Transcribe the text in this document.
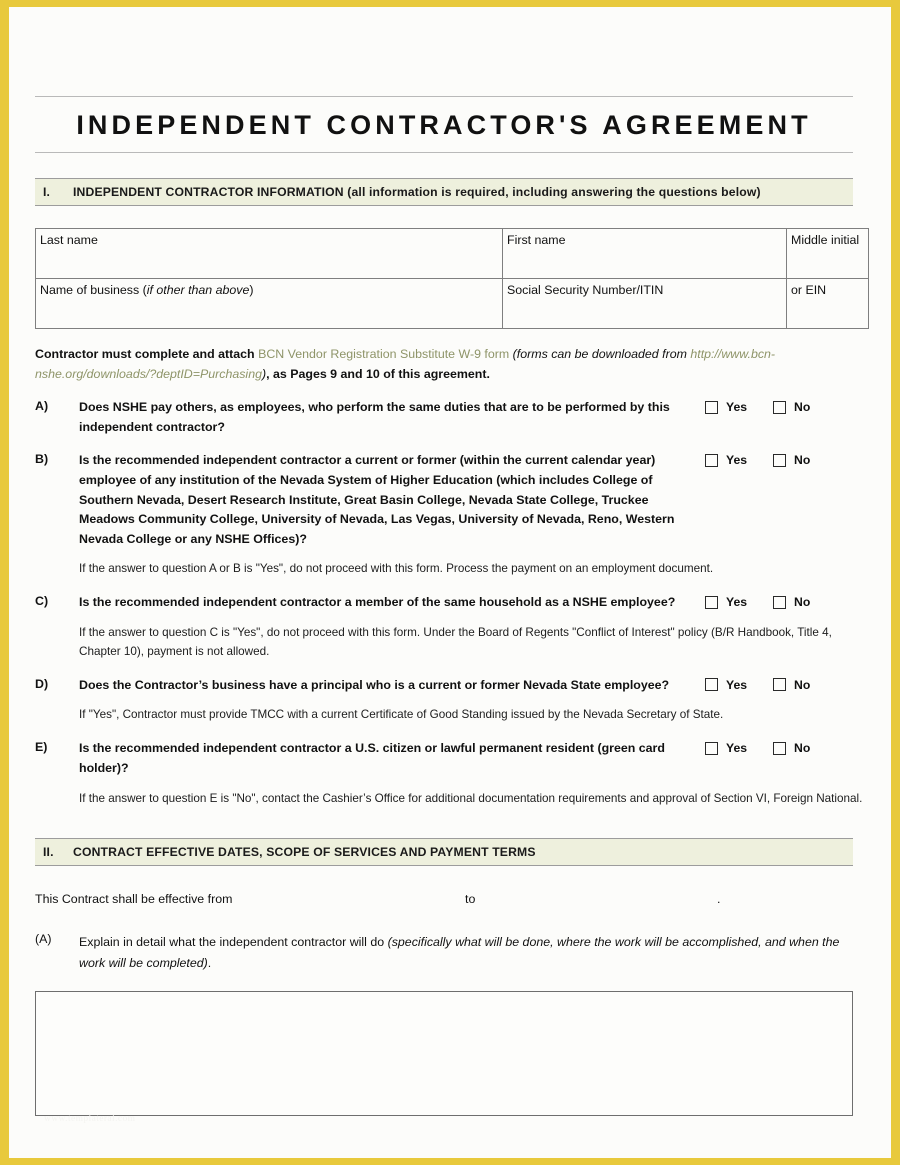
INDEPENDENT CONTRACTOR'S AGREEMENT
I.	INDEPENDENT CONTRACTOR INFORMATION (all information is required, including answering the questions below)
Last name	First name	Middle initial

Name of business (if other than above)	Social Security Number/ITIN	or EIN
Contractor must complete and attach BCN Vendor Registration Substitute W-9 form (forms can be downloaded from http://www.bcn-nshe.org/downloads/?deptID=Purchasing), as Pages 9 and 10 of this agreement.
A)	Does NSHE pay others, as employees, who perform the same duties that are to be performed by this independent contractor?
Yes	No
B)	Is the recommended independent contractor a current or former (within the current calendar year) employee of any institution of the Nevada System of Higher Education (which includes College of Southern Nevada, Desert Research Institute, Great Basin College, Nevada State College, Truckee Meadows Community College, University of Nevada, Las Vegas, University of Nevada, Reno, Western Nevada College or any NSHE Offices)?
Yes	No
If the answer to question A or B is "Yes", do not proceed with this form. Process the payment on an employment document.
C)	Is the recommended independent contractor a member of the same household as a NSHE employee?	Yes	No
If the answer to question C is "Yes", do not proceed with this form. Under the Board of Regents "Conflict of Interest" policy (B/R Handbook, Title 4, Chapter 10), payment is not allowed.
D)	Does the Contractor’s business have a principal who is a current or former Nevada State employee?	Yes	No
If "Yes", Contractor must provide TMCC with a current Certificate of Good Standing issued by the Nevada Secretary of State.
E)	Is the recommended independent contractor a U.S. citizen or lawful permanent resident (green card holder)?
Yes	No
If the answer to question E is "No", contact the Cashier’s Office for additional documentation requirements and approval of Section VI, Foreign National.
II.	CONTRACT EFFECTIVE DATES, SCOPE OF SERVICES AND PAYMENT TERMS
This Contract shall be effective from	to	.
(A)	Explain in detail what the independent contractor will do (specifically what will be done, where the work will be accomplished, and when the work will be completed).
www.templateral.com
